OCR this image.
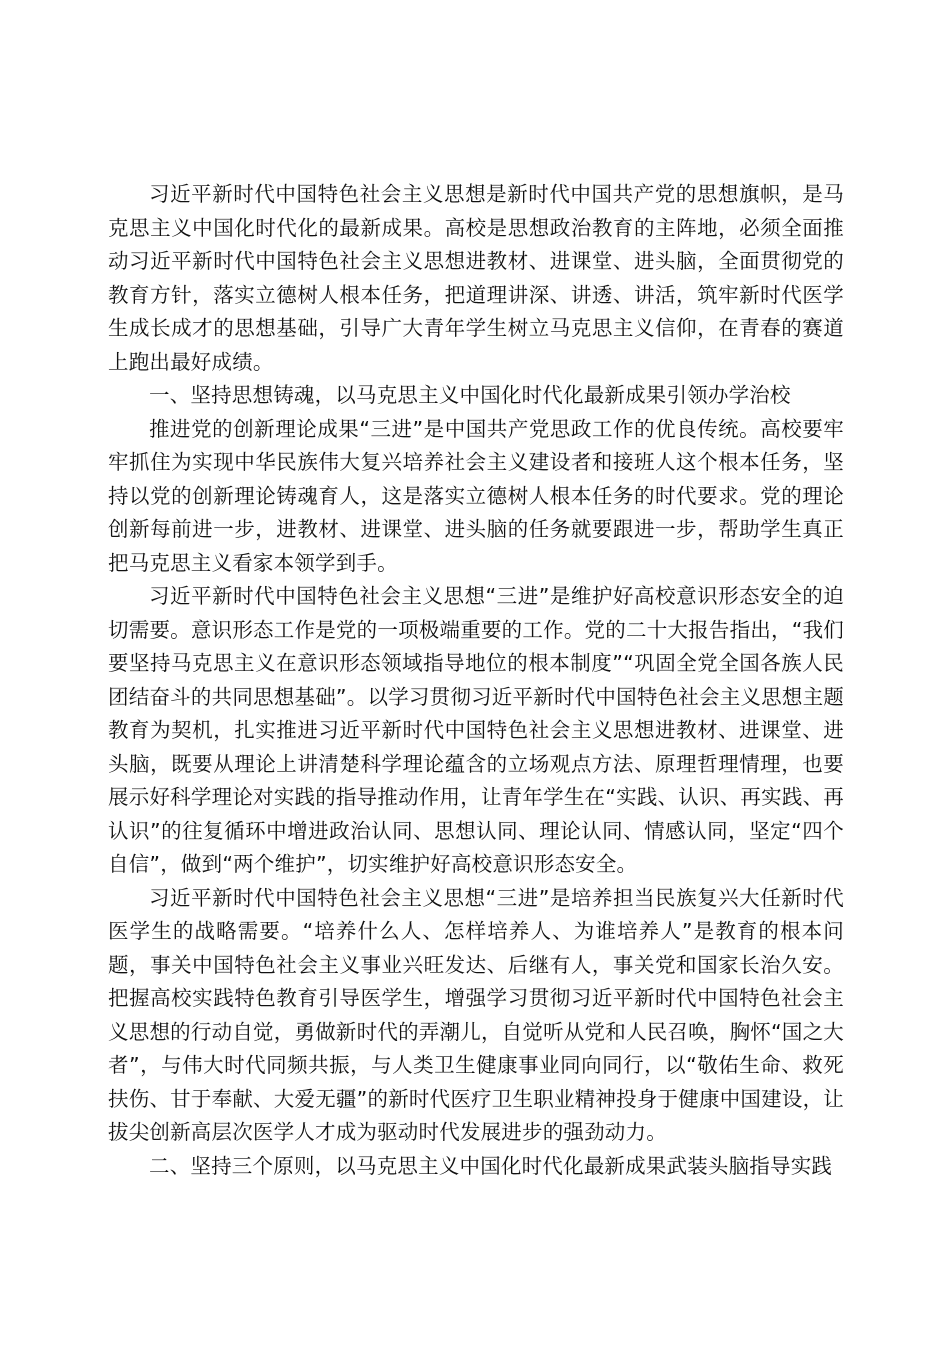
习近平新时代中国特色社会主义思想是新时代中国共产党的思想旗帜，是马克思主义中国化时代化的最新成果。高校是思想政治教育的主阵地，必须全面推动习近平新时代中国特色社会主义思想进教材、进课堂、进头脑，全面贯彻党的教育方针，落实立德树人根本任务，把道理讲深、讲透、讲活，筑牢新时代医学生成长成才的思想基础，引导广大青年学生树立马克思主义信仰，在青春的赛道上跑出最好成绩。

一、坚持思想铸魂，以马克思主义中国化时代化最新成果引领办学治校

推进党的创新理论成果“三进”是中国共产党思政工作的优良传统。高校要牢牢抓住为实现中华民族伟大复兴培养社会主义建设者和接班人这个根本任务，坚持以党的创新理论铸魂育人，这是落实立德树人根本任务的时代要求。党的理论创新每前进一步，进教材、进课堂、进头脑的任务就要跟进一步，帮助学生真正把马克思主义看家本领学到手。

习近平新时代中国特色社会主义思想“三进”是维护好高校意识形态安全的迫切需要。意识形态工作是党的一项极端重要的工作。党的二十大报告指出，“我们要坚持马克思主义在意识形态领域指导地位的根本制度”“巩固全党全国各族人民团结奋斗的共同思想基础”。以学习贯彻习近平新时代中国特色社会主义思想主题教育为契机，扎实推进习近平新时代中国特色社会主义思想进教材、进课堂、进头脑，既要从理论上讲清楚科学理论蕴含的立场观点方法、原理哲理情理，也要展示好科学理论对实践的指导推动作用，让青年学生在“实践、认识、再实践、再认识”的往复循环中增进政治认同、思想认同、理论认同、情感认同，坚定“四个自信”，做到“两个维护”，切实维护好高校意识形态安全。

习近平新时代中国特色社会主义思想“三进”是培养担当民族复兴大任新时代医学生的战略需要。“培养什么人、怎样培养人、为谁培养人”是教育的根本问题，事关中国特色社会主义事业兴旺发达、后继有人，事关党和国家长治久安。把握高校实践特色教育引导医学生，增强学习贯彻习近平新时代中国特色社会主义思想的行动自觉，勇做新时代的弄潮儿，自觉听从党和人民召唤，胸怀“国之大者”，与伟大时代同频共振，与人类卫生健康事业同向同行，以“敬佑生命、救死扶伤、甘于奉献、大爱无疆”的新时代医疗卫生职业精神投身于健康中国建设，让拔尖创新高层次医学人才成为驱动时代发展进步的强劲动力。

二、坚持三个原则，以马克思主义中国化时代化最新成果武装头脑指导实践
